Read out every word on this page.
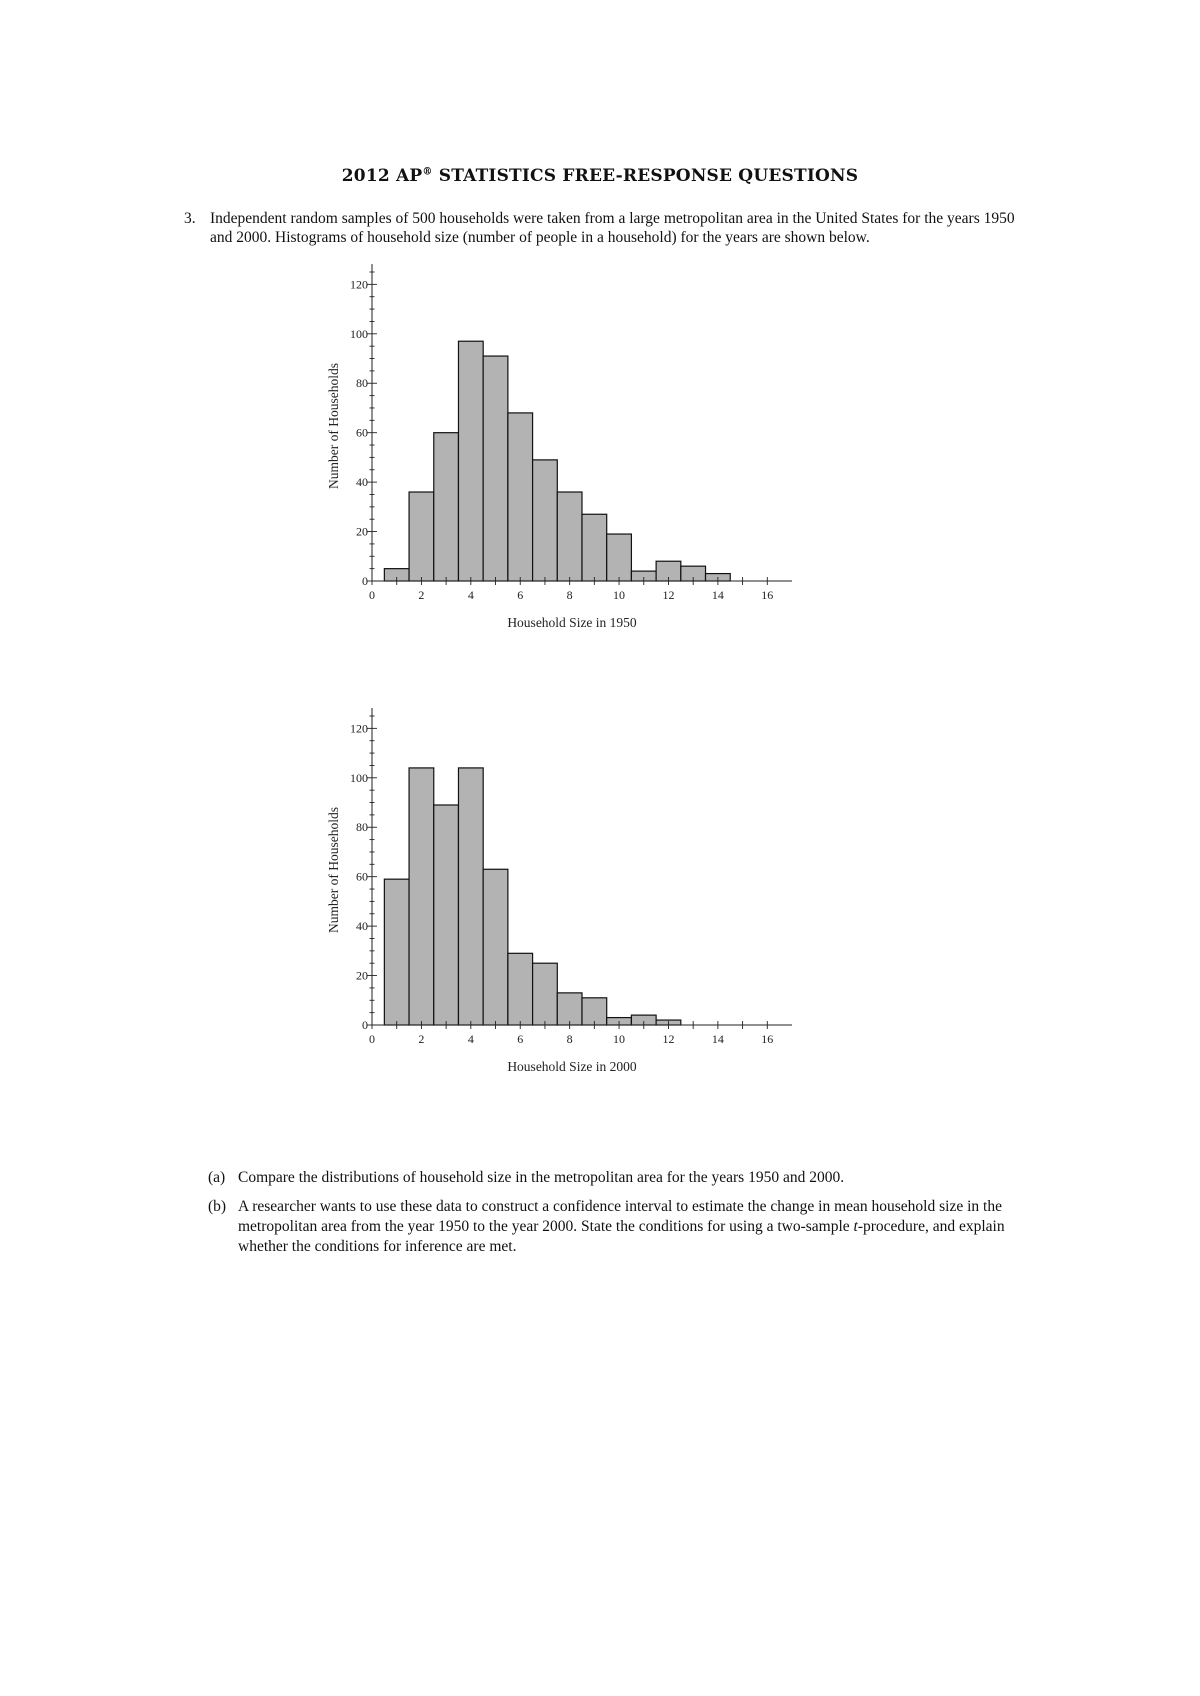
2012 AP® STATISTICS FREE-RESPONSE QUESTIONS
3. Independent random samples of 500 households were taken from a large metropolitan area in the United States for the years 1950 and 2000. Histograms of household size (number of people in a household) for the years are shown below.
0	2	4	6	8	10	12	14	16
0
20
40
60
80
100
120
Household Size in 1950
Number of Households
0	2	4	6	8	10	12	14	16
0
20
40
60
80
100
120
Household Size in 2000
Number of Households
(a) Compare the distributions of household size in the metropolitan area for the years 1950 and 2000.
(b) A researcher wants to use these data to construct a confidence interval to estimate the change in mean household size in the metropolitan area from the year 1950 to the year 2000. State the conditions for using a two-sample t-procedure, and explain whether the conditions for inference are met.
